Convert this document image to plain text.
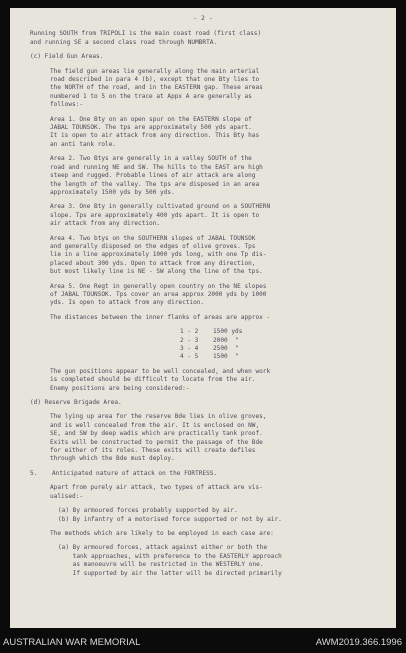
- 2 -
Running SOUTH from TRIPOLI is the main coast road (first class)
and running SE a second class road through NUMBRTA.
(c) Field Gun Areas.
The field gun areas lie generally along the main arterial
road described in para 4 (b), except that one Bty lies to
the NORTH of the road, and in the EASTERN gap. These areas
numbered 1 to 5 on the trace at Appx A are generally as
follows:-
Area 1. One Bty on an open spur on the EASTERN slope of
JABAL TOUNSOK. The tps are approximately 500 yds apart.
It is open to air attack from any direction. This Bty has
an anti tank role.
Area 2. Two Btys are generally in a valley SOUTH of the
road and running NE and SW. The hills to the EAST are high
steep and rugged. Probable lines of air attack are along
the length of the valley. The tps are disposed in an area
approximately 1500 yds by 500 yds.
Area 3. One Bty in generally cultivated ground on a SOUTHERN
slope. Tps are approximately 400 yds apart. It is open to
air attack from any direction.
Area 4. Two btys on the SOUTHERN slopes of JABAL TOUNSOK
and generally disposed on the edges of olive groves. Tps
lie in a line approximately 1000 yds long, with one Tp dis-
placed about 300 yds. Open to attack from any direction,
but most likely line is NE - SW along the line of the tps.
Area 5. One Regt in generally open country on the NE slopes
of JABAL TOUNSOK. Tps cover an area approx 2000 yds by 1000
yds. Is open to attack from any direction.
The distances between the inner flanks of areas are approx -
1 - 2    1500 yds
2 - 3    2000  "
3 - 4    2500  "
4 - 5    1500  "
The gun positions appear to be well concealed, and when work
is completed should be difficult to locate from the air.
Enemy positions are being considered:-
(d) Reserve Brigade Area.
The lying up area for the reserve Bde lies in olive groves,
and is well concealed from the air. It is enclosed on NW,
SE, and SW by deep wadis which are practically tank proof.
Exits will be constructed to permit the passage of the Bde
for either of its roles. These exits will create defiles
through which the Bde must deploy.
5.    Anticipated nature of attack on the FORTRESS.
Apart from purely air attack, two types of attack are vis-
ualised:-
(a) By armoured forces probably supported by air.
(b) By infantry of a motorised force supported or not by air.
The methods which are likely to be employed in each case are:
(a) By armoured forces, attack against either or both the
tank approaches, with preference to the EASTERLY approach
as manoeuvre will be restricted in the WESTERLY one.
If supported by air the latter will be directed primarily
AUSTRALIAN WAR MEMORIAL	AWM2019.366.1996
